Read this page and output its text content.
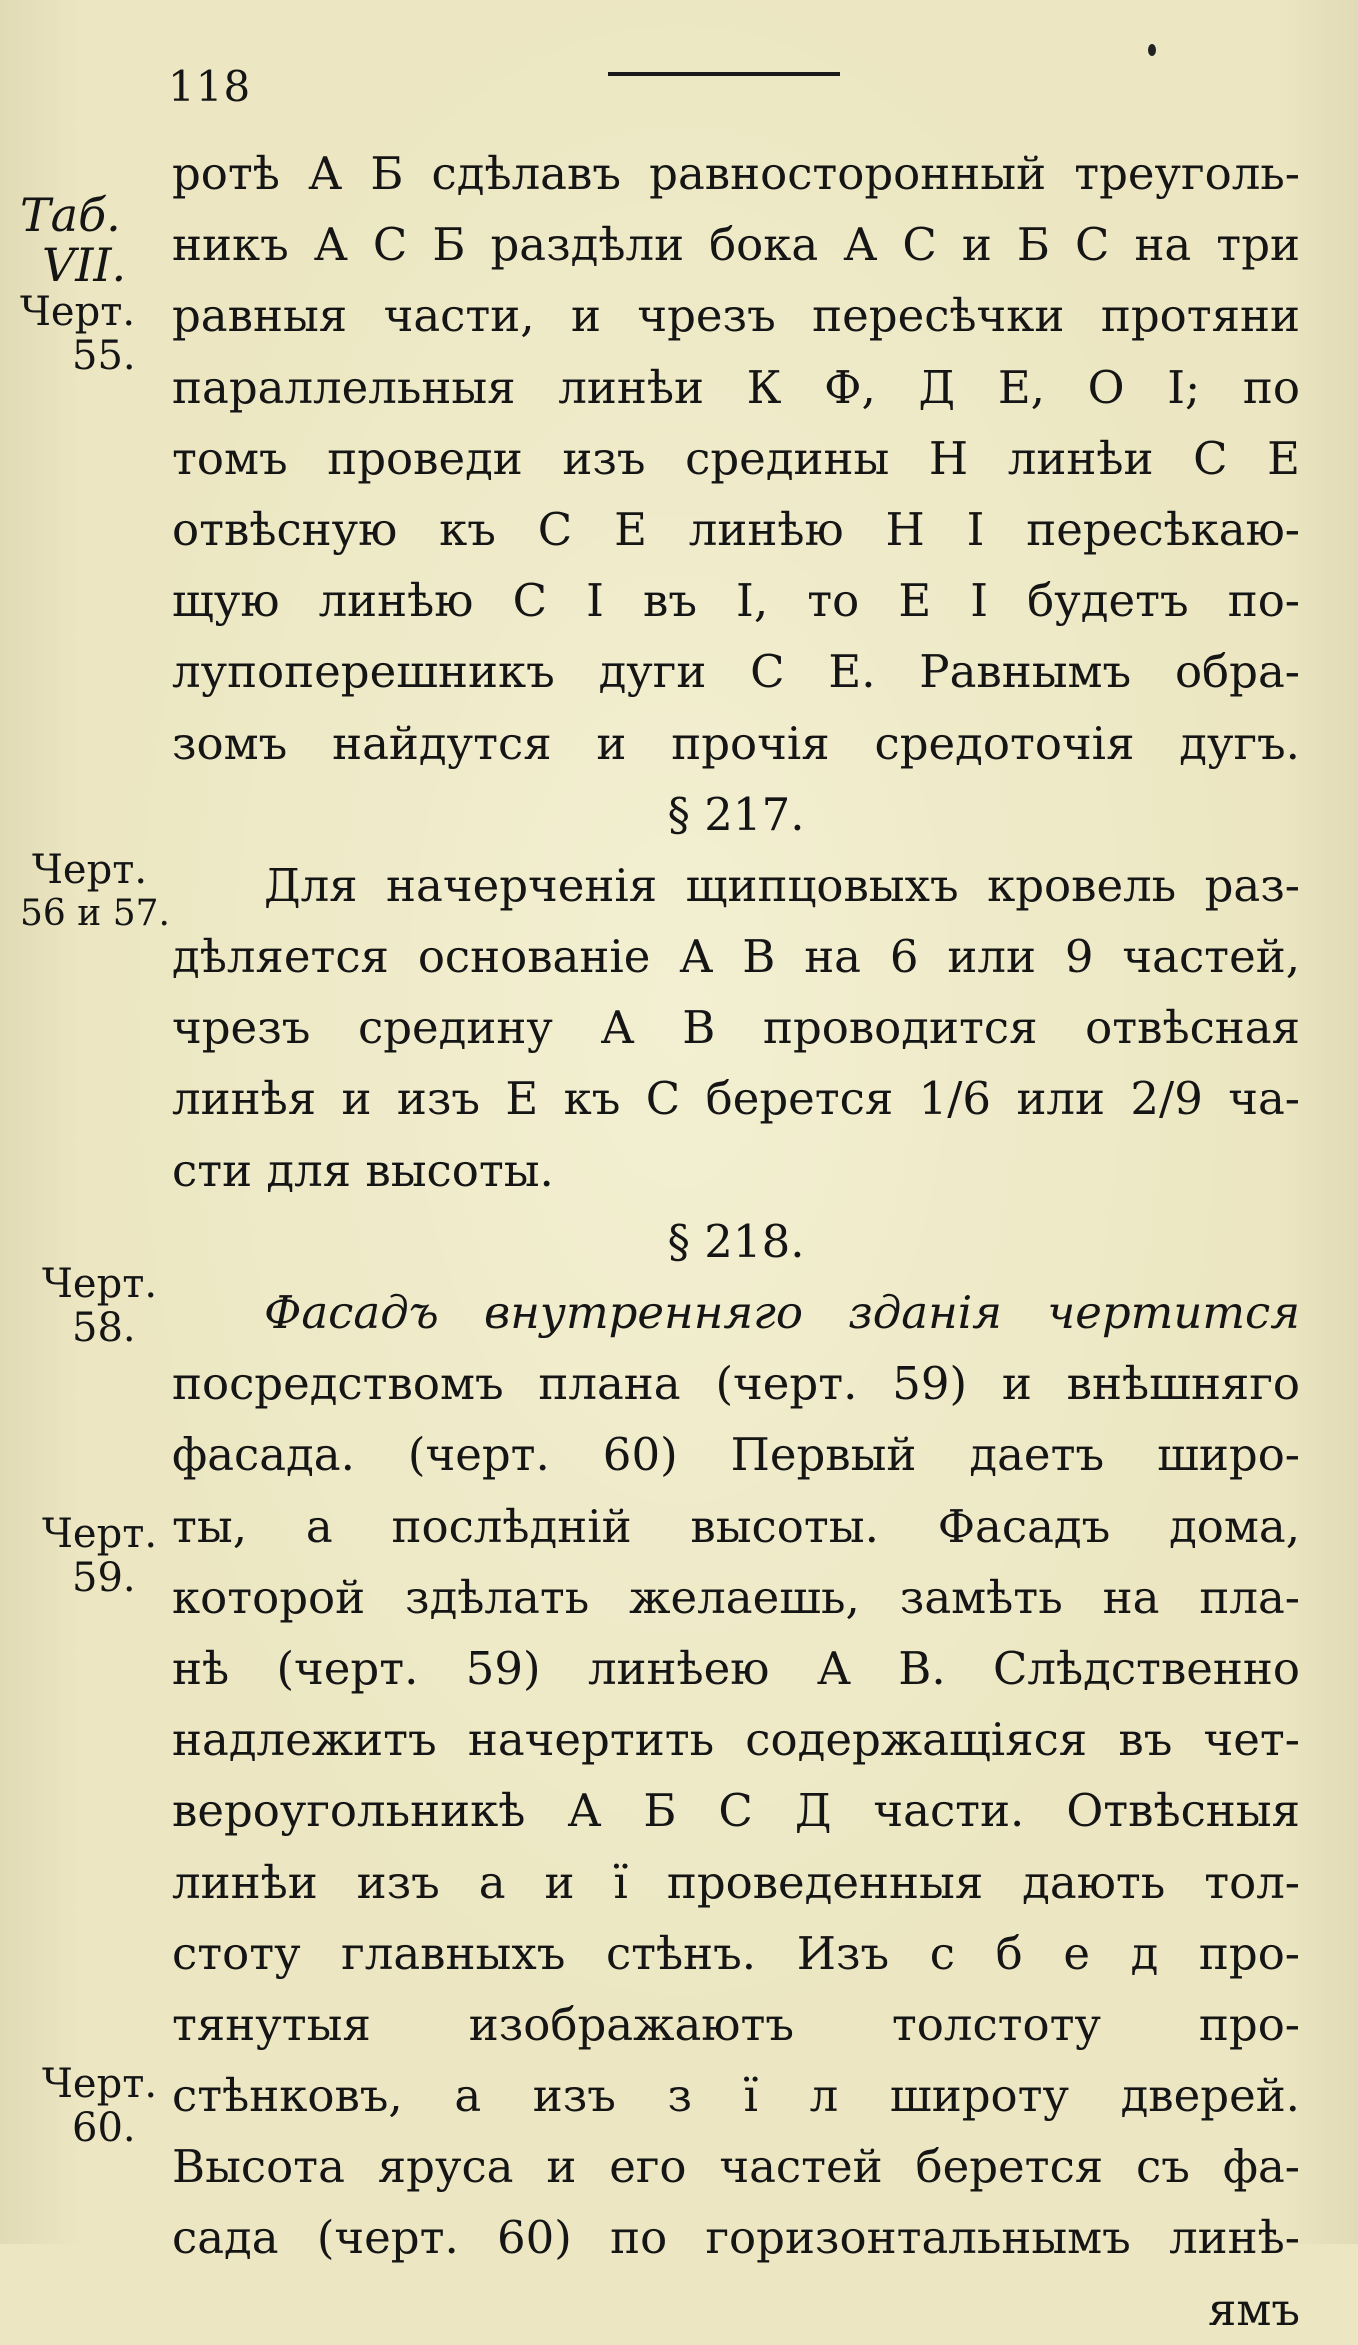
118
Таб.
VII.
Черт.
55.
Черт.
56 и 57.
Черт.
58.
Черт.
59.
Черт.
60.
ротѣ А Б сдѣлавъ равносторонный треуголь-
никъ А С Б раздѣли бока А С и Б С на три
равныя части, и чрезъ пересѣчки протяни
параллельныя линѣи К Ф, Д Е, О I; по
томъ проведи изъ средины Н линѣи С Е
отвѣсную къ С Е линѣю Н I пересѣкаю-
щую линѣю С I въ I, то Е I будетъ по-
лупоперешникъ дуги С Е. Равнымъ обра-
зомъ найдутся и прочія средоточія дугъ.
§ 217.
Для начерченія щипцовыхъ кровель раз-
дѣляется основаніе А В на 6 или 9 частей,
чрезъ средину А В проводится отвѣсная
линѣя и изъ Е къ С берется 1/6 или 2/9 ча-
сти для высоты.
§ 218.
Фасадъ внутренняго зданія чертится
посредствомъ плана (черт. 59) и внѣшняго
фасада. (черт. 60) Первый даетъ широ-
ты, а послѣдній высоты. Фасадъ дома,
которой здѣлать желаешь, замѣть на пла-
нѣ (черт. 59) линѣею А В. Слѣдственно
надлежитъ начертить содержащіяся въ чет-
вероугольникѣ А Б С Д части. Отвѣсныя
линѣи изъ а и ї проведенныя дають тол-
стоту главныхъ стѣнъ. Изъ с б е д про-
тянутыя изображаютъ толстоту про-
стѣнковъ, а изъ з ї л широту дверей.
Высота яруса и его частей берется съ фа-
сада (черт. 60) по горизонтальнымъ линѣ-
ямъ
